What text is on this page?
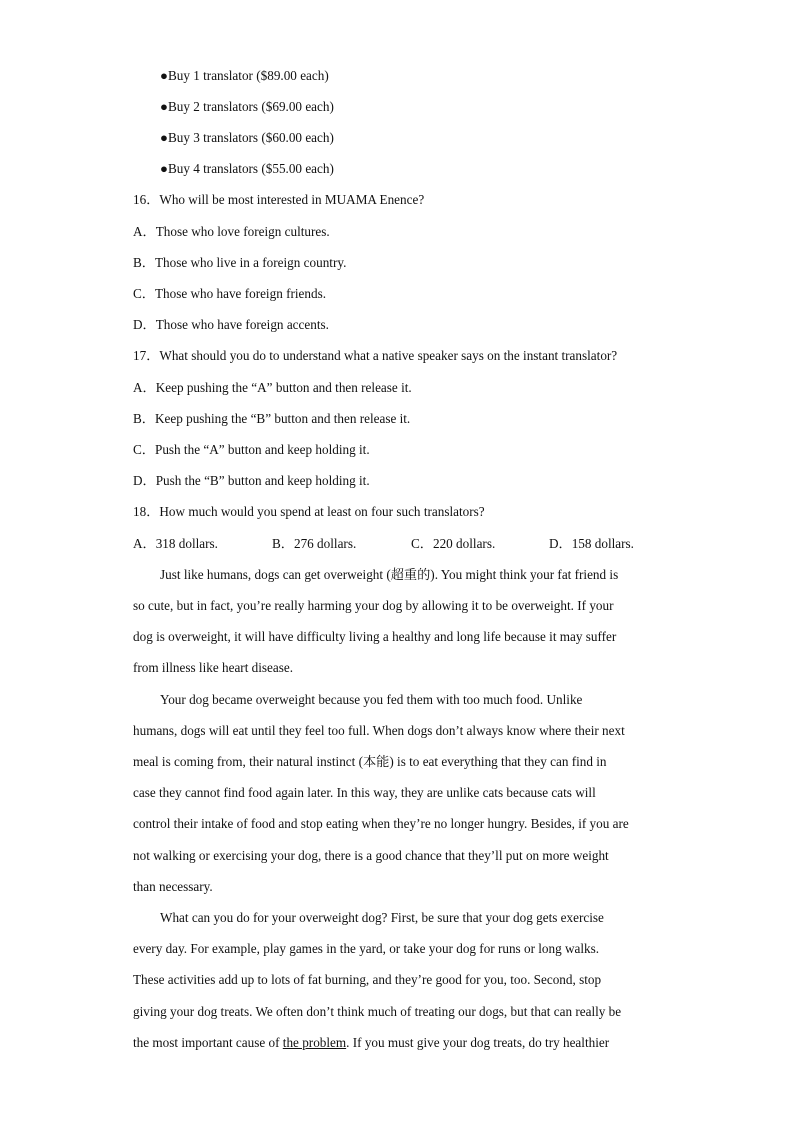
●Buy 1 translator ($89.00 each)
●Buy 2 translators ($69.00 each)
●Buy 3 translators ($60.00 each)
●Buy 4 translators ($55.00 each)
16．Who will be most interested in MUAMA Enence?
A．Those who love foreign cultures.
B．Those who live in a foreign country.
C．Those who have foreign friends.
D．Those who have foreign accents.
17．What should you do to understand what a native speaker says on the instant translator?
A．Keep pushing the “A” button and then release it.
B．Keep pushing the “B” button and then release it.
C．Push the “A” button and keep holding it.
D．Push the “B” button and keep holding it.
18．How much would you spend at least on four such translators?
A．318 dollars.	B．276 dollars.	C．220 dollars.	D．158 dollars.
Just like humans, dogs can get overweight (超重的). You might think your fat friend is
so cute, but in fact, you’re really harming your dog by allowing it to be overweight. If your
dog is overweight, it will have difficulty living a healthy and long life because it may suffer
from illness like heart disease.
Your dog became overweight because you fed them with too much food. Unlike
humans, dogs will eat until they feel too full. When dogs don’t always know where their next
meal is coming from, their natural instinct (本能) is to eat everything that they can find in
case they cannot find food again later. In this way, they are unlike cats because cats will
control their intake of food and stop eating when they’re no longer hungry. Besides, if you are
not walking or exercising your dog, there is a good chance that they’ll put on more weight
than necessary.
What can you do for your overweight dog? First, be sure that your dog gets exercise
every day. For example, play games in the yard, or take your dog for runs or long walks.
These activities add up to lots of fat burning, and they’re good for you, too. Second, stop
giving your dog treats. We often don’t think much of treating our dogs, but that can really be
the most important cause of the problem. If you must give your dog treats, do try healthier
